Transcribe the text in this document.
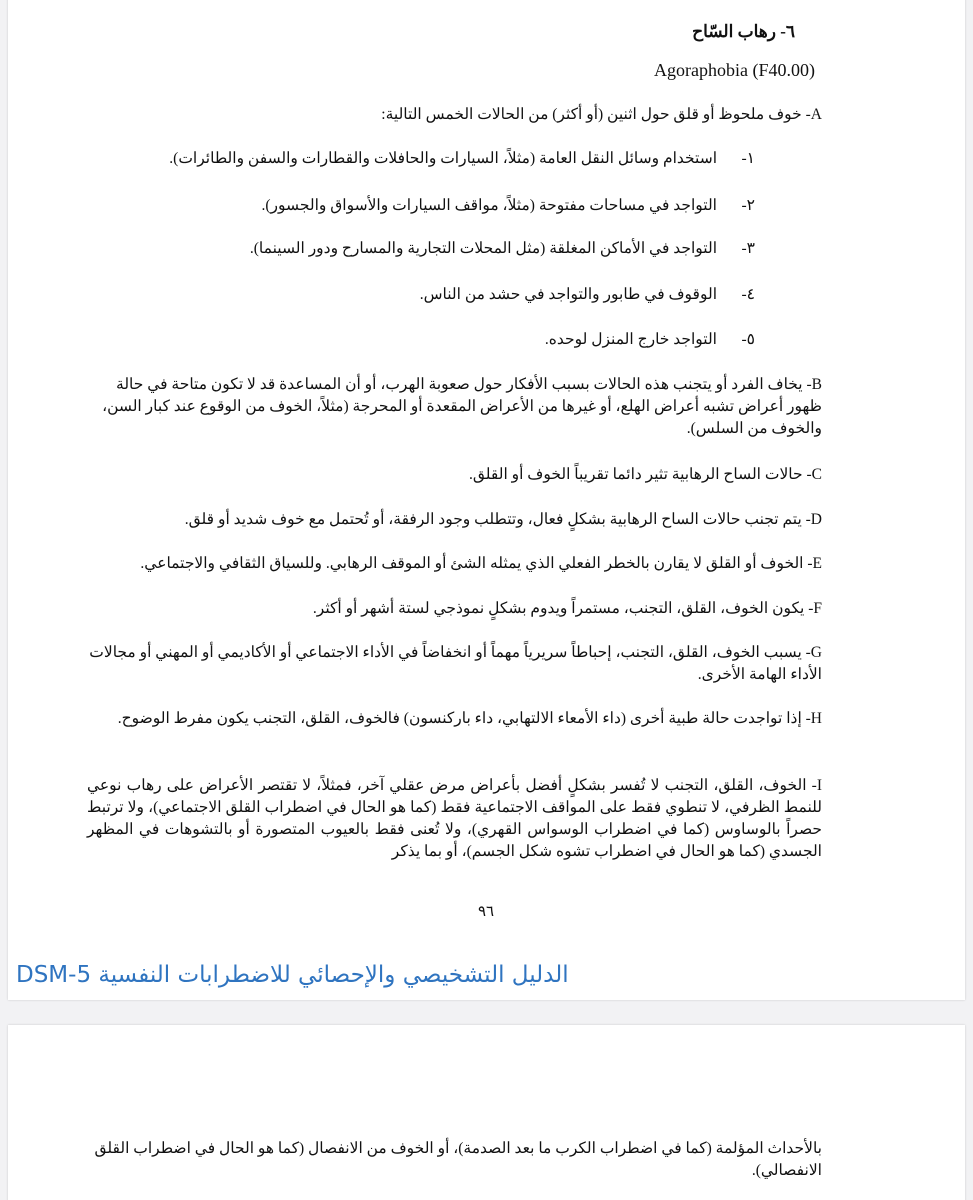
٦- رهاب السّاح
Agoraphobia (F40.00)
A- خوف ملحوظ أو قلق حول اثنين (أو أكثر) من الحالات الخمس التالية:
١-استخدام وسائل النقل العامة (مثلاً، السيارات والحافلات والقطارات والسفن والطائرات).
٢-التواجد في مساحات مفتوحة (مثلاً، مواقف السيارات والأسواق والجسور).
٣-التواجد في الأماكن المغلقة (مثل المحلات التجارية والمسارح ودور السينما).
٤-الوقوف في طابور والتواجد في حشد من الناس.
٥-التواجد خارج المنزل لوحده.
B- يخاف الفرد أو يتجنب هذه الحالات بسبب الأفكار حول صعوبة الهرب، أو أن المساعدة قد لا تكون متاحة في حالة ظهور أعراض تشبه أعراض الهلع، أو غيرها من الأعراض المقعدة أو المحرجة (مثلاً، الخوف من الوقوع عند كبار السن، والخوف من السلس).
C- حالات الساح الرهابية تثير دائما تقريباً الخوف أو القلق.
D- يتم تجنب حالات الساح الرهابية بشكلٍ فعال، وتتطلب وجود الرفقة، أو تُحتمل مع خوف شديد أو قلق.
E- الخوف أو القلق لا يقارن بالخطر الفعلي الذي يمثله الشئ أو الموقف الرهابي. وللسياق الثقافي والاجتماعي.
F- يكون الخوف، القلق، التجنب، مستمراً ويدوم بشكلٍ نموذجي لستة أشهر أو أكثر.
G- يسبب الخوف، القلق، التجنب، إحباطاً سريرياً مهماً أو انخفاضاً في الأداء الاجتماعي أو الأكاديمي أو المهني أو مجالات الأداء الهامة الأخرى.
H- إذا تواجدت حالة طبية أخرى (داء الأمعاء الالتهابي، داء باركنسون) فالخوف، القلق، التجنب يكون مفرط الوضوح.
I- الخوف، القلق، التجنب لا تُفسر بشكلٍ أفضل بأعراض مرض عقلي آخر، فمثلاً، لا تقتصر الأعراض على رهاب نوعي للنمط الظرفي، لا تنطوي فقط على المواقف الاجتماعية فقط (كما هو الحال في اضطراب القلق الاجتماعي)، ولا ترتبط حصراً بالوساوس (كما في اضطراب الوسواس القهري)، ولا تُعنى فقط بالعيوب المتصورة أو بالتشوهات في المظهر الجسدي (كما هو الحال في اضطراب تشوه شكل الجسم)، أو بما يذكر
٩٦
الدليل التشخيصي والإحصائي للاضطرابات النفسية DSM-5
بالأحداث المؤلمة (كما في اضطراب الكرب ما بعد الصدمة)، أو الخوف من الانفصال (كما هو الحال في اضطراب القلق الانفصالي).
